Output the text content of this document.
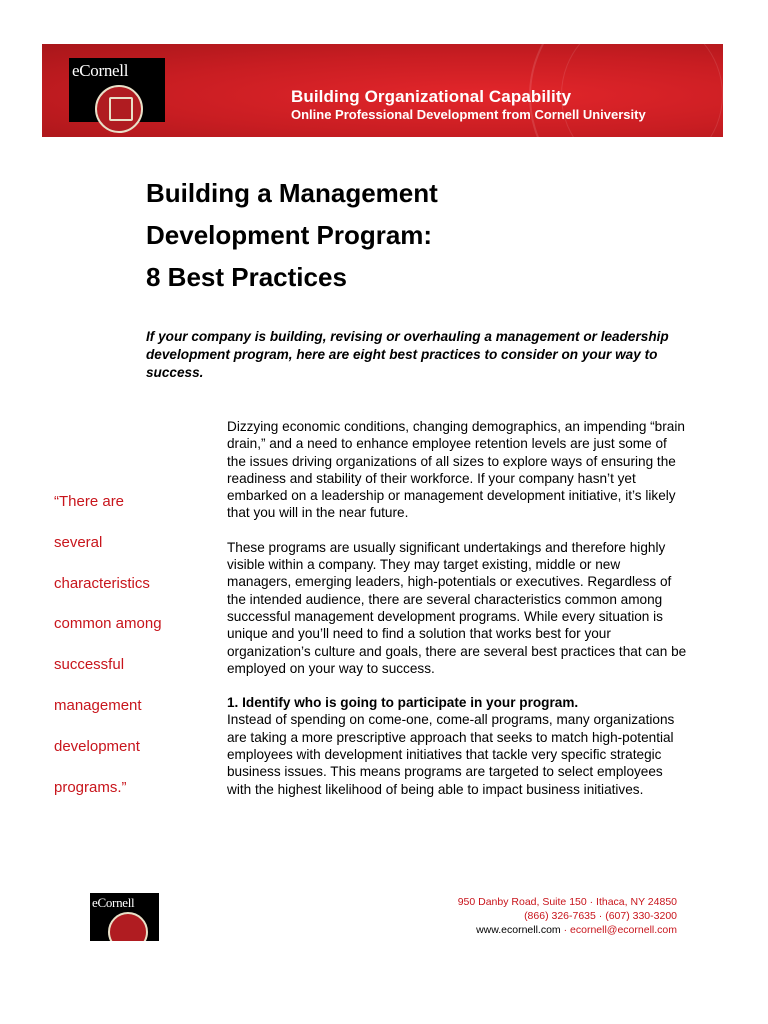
eCornell
Building Organizational Capability
Online Professional Development from Cornell University
Building a Management
Development Program:
8 Best Practices
If your company is building, revising or overhauling a management or leadership development program, here are eight best practices to consider on your way to success.
“There are
several
characteristics
common among
successful
management
development
programs.”

Dizzying economic conditions, changing demographics, an impending “brain drain,” and a need to enhance employee retention levels are just some of the issues driving organizations of all sizes to explore ways of ensuring the readiness and stability of their workforce. If your company hasn’t yet embarked on a leadership or management development initiative, it’s likely that you will in the near future.

These programs are usually significant undertakings and therefore highly visible within a company. They may target existing, middle or new managers, emerging leaders, high-potentials or executives. Regardless of the intended audience, there are several characteristics common among successful management development programs. While every situation is unique and you’ll need to find a solution that works best for your organization’s culture and goals, there are several best practices that can be employed on your way to success.

1. Identify who is going to participate in your program.
Instead of spending on come-one, come-all programs, many organizations are taking a more prescriptive approach that seeks to match high-potential employees with development initiatives that tackle very specific strategic business issues. This means programs are targeted to select employees with the highest likelihood of being able to impact business initiatives.

eCornell	950 Danby Road, Suite 150 · Ithaca, NY 24850
(866) 326-7635 · (607) 330-3200
www.ecornell.com · ecornell@ecornell.com
